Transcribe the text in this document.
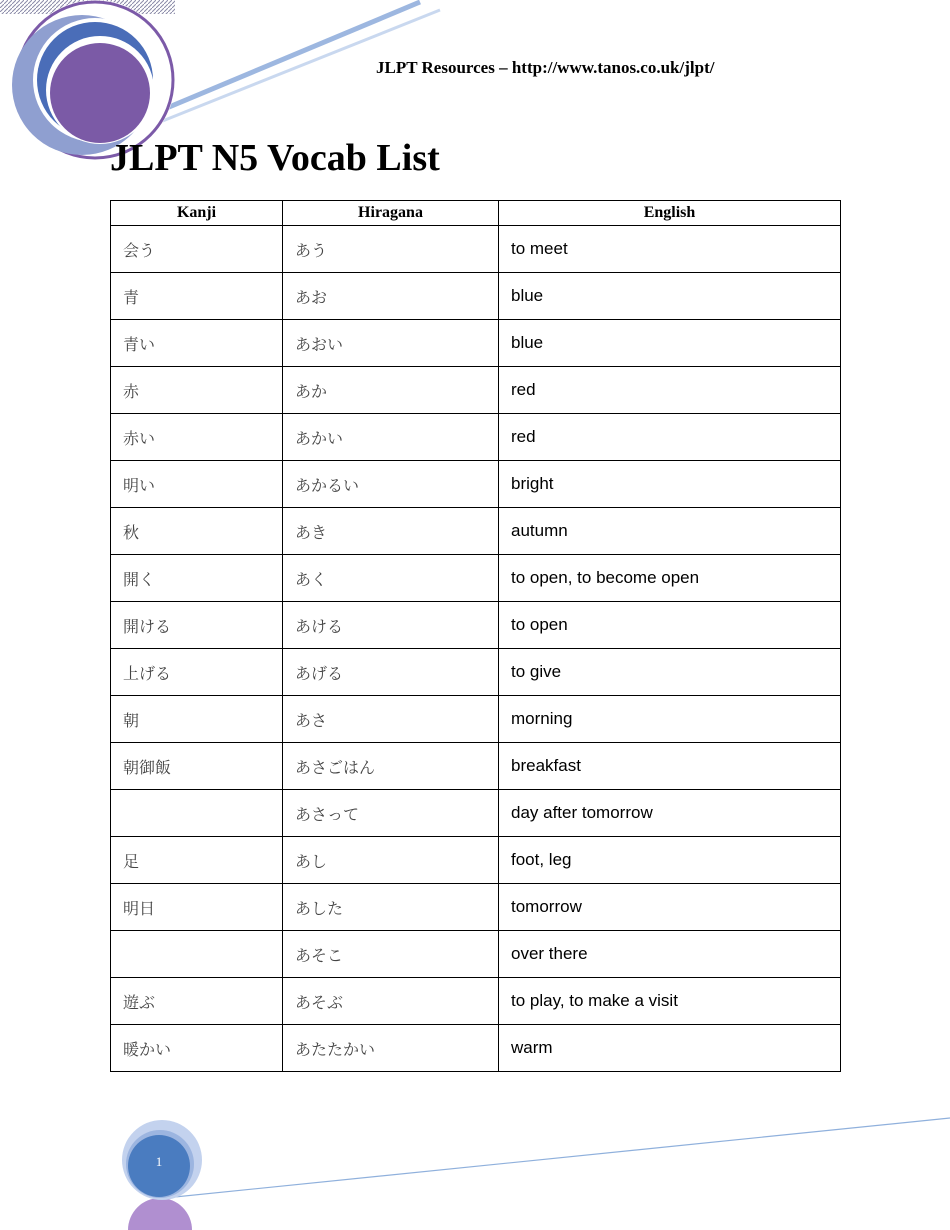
JLPT Resources – http://www.tanos.co.uk/jlpt/
JLPT N5 Vocab List
Kanji	Hiragana	English
会う	あう	to meet
青	あお	blue
青い	あおい	blue
赤	あか	red
赤い	あかい	red
明い	あかるい	bright
秋	あき	autumn
開く	あく	to open, to become open
開ける	あける	to open
上げる	あげる	to give
朝	あさ	morning
朝御飯	あさごはん	breakfast
	あさって	day after tomorrow
足	あし	foot, leg
明日	あした	tomorrow
	あそこ	over there
遊ぶ	あそぶ	to play, to make a visit
暖かい	あたたかい	warm
1
